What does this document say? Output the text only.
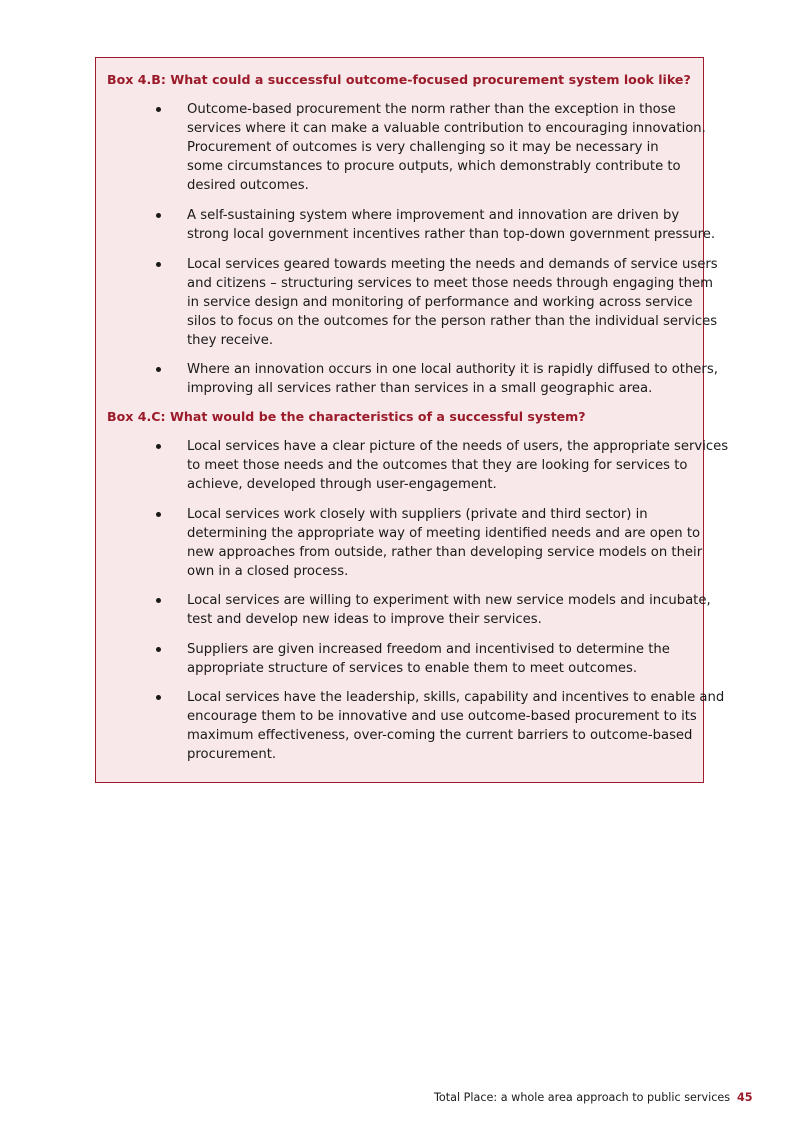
Box 4.B: What could a successful outcome-focused procurement system look like?
Outcome-based procurement the norm rather than the exception in those
services where it can make a valuable contribution to encouraging innovation.
Procurement of outcomes is very challenging so it may be necessary in
some circumstances to procure outputs, which demonstrably contribute to
desired outcomes.
A self-sustaining system where improvement and innovation are driven by
strong local government incentives rather than top-down government pressure.
Local services geared towards meeting the needs and demands of service users
and citizens – structuring services to meet those needs through engaging them
in service design and monitoring of performance and working across service
silos to focus on the outcomes for the person rather than the individual services
they receive.
Where an innovation occurs in one local authority it is rapidly diffused to others,
improving all services rather than services in a small geographic area.
Box 4.C: What would be the characteristics of a successful system?
Local services have a clear picture of the needs of users, the appropriate services
to meet those needs and the outcomes that they are looking for services to
achieve, developed through user-engagement.
Local services work closely with suppliers (private and third sector) in
determining the appropriate way of meeting identified needs and are open to
new approaches from outside, rather than developing service models on their
own in a closed process.
Local services are willing to experiment with new service models and incubate,
test and develop new ideas to improve their services.
Suppliers are given increased freedom and incentivised to determine the
appropriate structure of services to enable them to meet outcomes.
Local services have the leadership, skills, capability and incentives to enable and
encourage them to be innovative and use outcome-based procurement to its
maximum effectiveness, over-coming the current barriers to outcome-based
procurement.
Total Place: a whole area approach to public services 45
